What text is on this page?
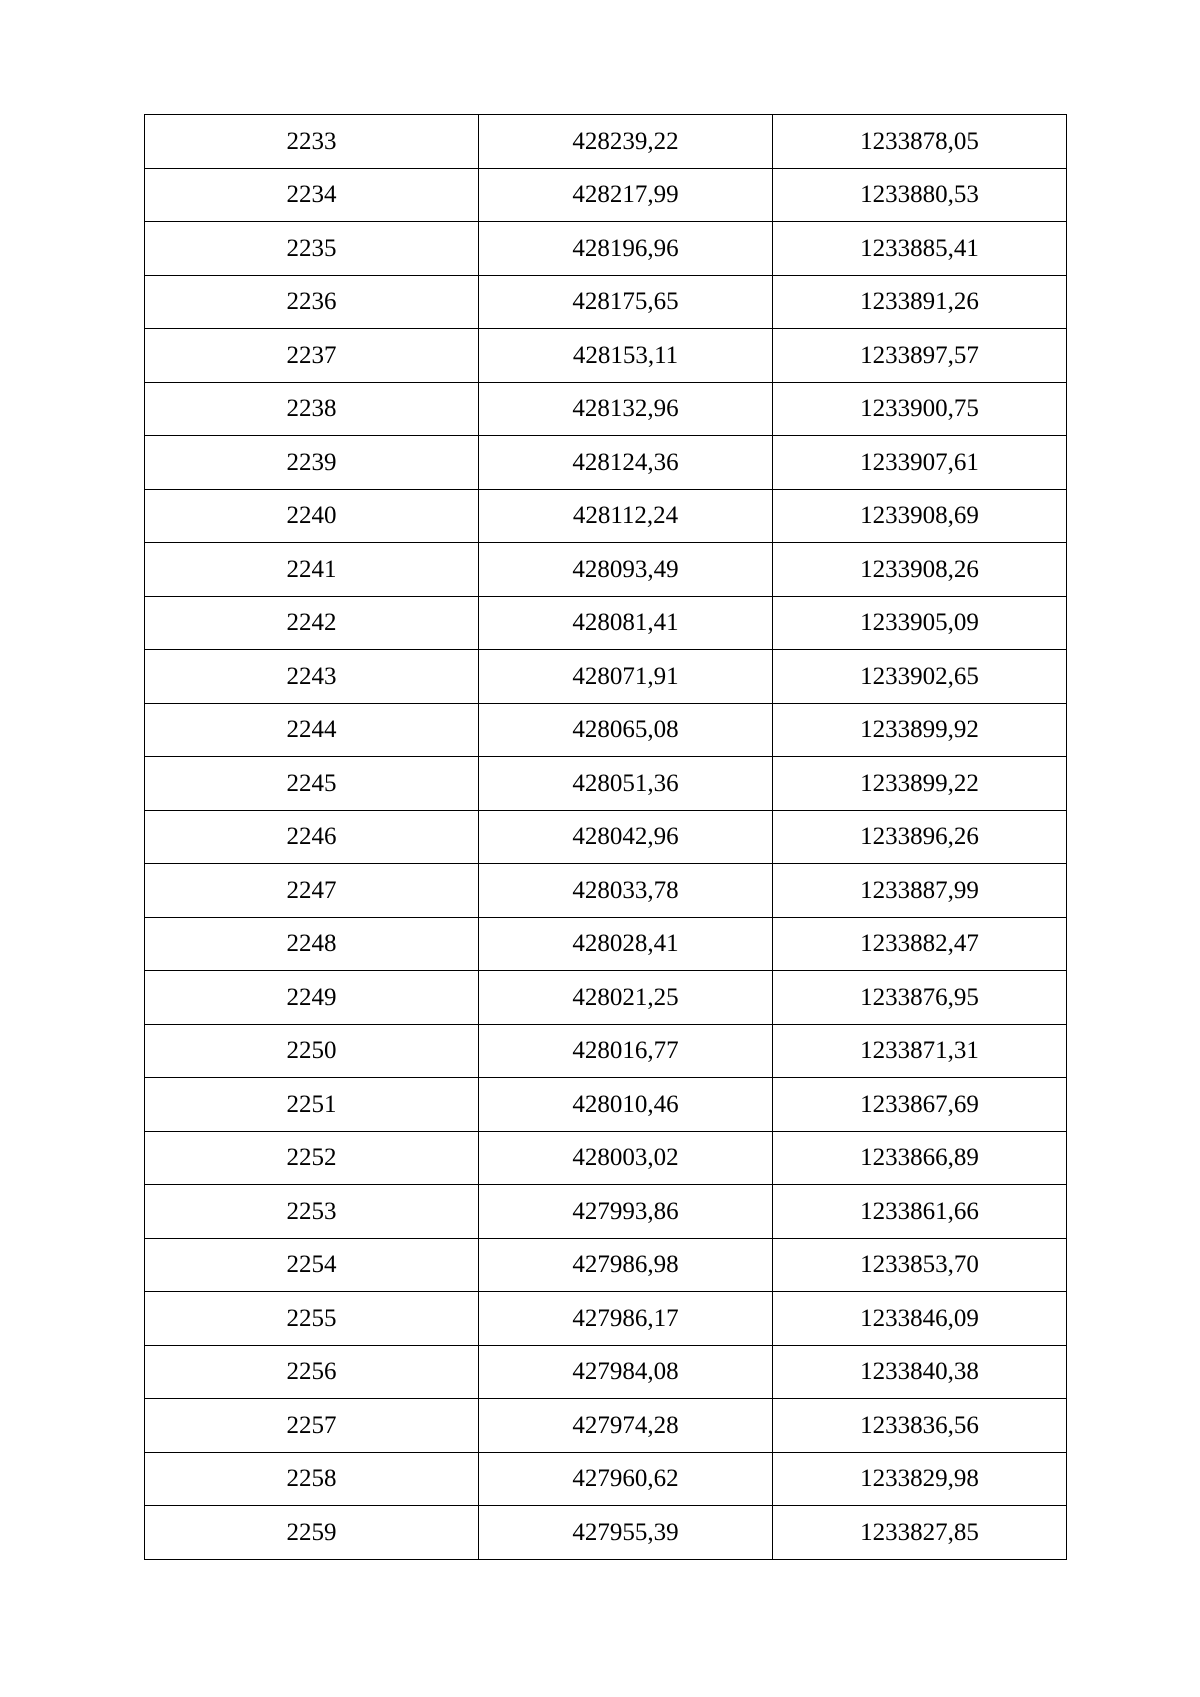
2233	428239,22	1233878,05
2234	428217,99	1233880,53
2235	428196,96	1233885,41
2236	428175,65	1233891,26
2237	428153,11	1233897,57
2238	428132,96	1233900,75
2239	428124,36	1233907,61
2240	428112,24	1233908,69
2241	428093,49	1233908,26
2242	428081,41	1233905,09
2243	428071,91	1233902,65
2244	428065,08	1233899,92
2245	428051,36	1233899,22
2246	428042,96	1233896,26
2247	428033,78	1233887,99
2248	428028,41	1233882,47
2249	428021,25	1233876,95
2250	428016,77	1233871,31
2251	428010,46	1233867,69
2252	428003,02	1233866,89
2253	427993,86	1233861,66
2254	427986,98	1233853,70
2255	427986,17	1233846,09
2256	427984,08	1233840,38
2257	427974,28	1233836,56
2258	427960,62	1233829,98
2259	427955,39	1233827,85
